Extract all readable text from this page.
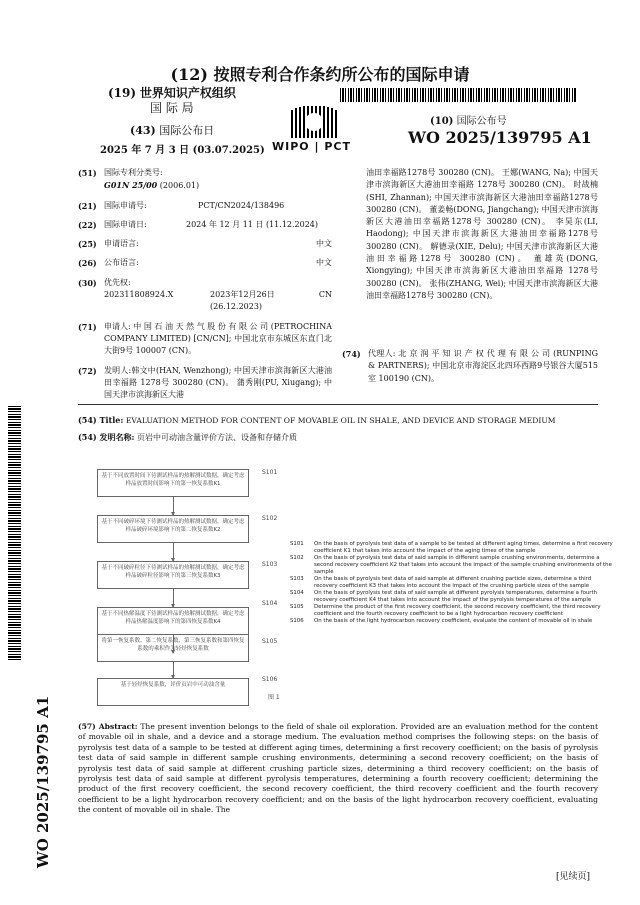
(12) 按照专利合作条约所公布的国际申请
(19) 世界知识产权组织
国 际 局
(43) 国际公布日
2025 年 7 月 3 日 (03.07.2025) WIPO | PCT
(10) 国际公布号
WO 2025/139795 A1
(51) 国际专利分类号:
G01N 25/00 (2006.01)
(21) 国际申请号:	PCT/CN2024/138496
(22) 国际申请日:	2024 年 12 月 11 日 (11.12.2024)
(25) 申请语言:	中文
(26) 公布语言:	中文
(30) 优先权:
202311808924.X	2023年12月26日 (26.12.2023)
CN
(71) 申请人: 中 国 石 油 天 然 气 股 份 有 限 公 司 (PETROCHINA COMPANY LIMITED) [CN/CN]; 中国北京市东城区东直门北大街9号 100007 (CN)。
(72) 发明人:韩文中(HAN, Wenzhong); 中国天津市滨海新区大港油田幸福路 1278号 300280 (CN)。 蒲秀刚(PU, Xiugang); 中国天津市滨海新区大港
油田幸福路1278号 300280 (CN)。 王娜(WANG, Na); 中国天津市滨海新区大港油田幸福路 1278号 300280 (CN)。 时战楠(SHI, Zhannan); 中国天津市滨海新区大港油田幸福路1278号 300280 (CN)。 董姜畅(DONG, Jiangchang); 中国天津市滨海新区大港油田幸福路1278号 300280 (CN)。 李昊东(LI, Haodong); 中国天津市滨海新区大港油田幸福路1278号 300280 (CN)。 解德录(XIE, Delu); 中国天津市滨海新区大港油田幸福路1278号 300280 (CN)。 董雄英(DONG, Xiongying); 中国天津市滨海新区大港油田幸福路 1278号 300280 (CN)。 张伟(ZHANG, Wei); 中国天津市滨海新区大港油田幸福路1278号 300280 (CN)。
(74) 代理人: 北 京 润 平 知 识 产 权 代 理 有 限 公 司 (RUNPING & PARTNERS); 中国北京市海淀区北四环西路9号银谷大厦515室 100190 (CN)。
(54) Title: EVALUATION METHOD FOR CONTENT OF MOVABLE OIL IN SHALE, AND DEVICE AND STORAGE MEDIUM
(54) 发明名称: 页岩中可动油含量评价方法、设备和存储介质
WO 2025/139795 A1
基于不同放置时间下待测试样品的热解测试数据，确定考虑样品放置时间影响下的第一恢复系数K1
基于不同破碎环境下待测试样品的热解测试数据，确定考虑样品破碎环境影响下的第二恢复系数K2
基于不同破碎粒径下待测试样品的热解测试数据，确定考虑样品破碎粒径影响下的第三恢复系数K3
基于不同热解温度下待测试样品的热解测试数据，确定考虑样品热解温度影响下的第四恢复系数K4
将第一恢复系数、第二恢复系数、第三恢复系数和第四恢复系数的乘积作为轻烃恢复系数
基于轻烃恢复系数，评价页岩中可动油含量
S101
S102
S103
S104
S105
S106
图 1
S101	On the basis of pyrolysis test data of a sample to be tested at different aging times, determine a first recovery coefficient K1 that takes into account the impact of the aging times of the sample
S102	On the basis of pyrolysis test data of said sample in different sample crushing environments, determine a second recovery coefficient K2 that takes into account the impact of the sample crushing environments of the sample
S103	On the basis of pyrolysis test data of said sample at different crushing particle sizes, determine a third recovery coefficient K3 that takes into account the impact of the crushing particle sizes of the sample
S104	On the basis of pyrolysis test data of said sample at different pyrolysis temperatures, determine a fourth recovery coefficient K4 that takes into account the impact of the pyrolysis temperatures of the sample
S105	Determine the product of the first recovery coefficient, the second recovery coefficient, the third recovery coefficient and the fourth recovery coefficient to be a light hydrocarbon recovery coefficient
S106	On the basis of the light hydrocarbon recovery coefficient, evaluate the content of movable oil in shale
(57) Abstract: The present invention belongs to the field of shale oil exploration. Provided are an evaluation method for the content of movable oil in shale, and a device and a storage medium. The evaluation method comprises the following steps: on the basis of pyrolysis test data of a sample to be tested at different aging times, determining a first recovery coefficient; on the basis of pyrolysis test data of said sample in different sample crushing environments, determining a second recovery coefficient; on the basis of pyrolysis test data of said sample at different crushing particle sizes, determining a third recovery coefficient; on the basis of pyrolysis test data of said sample at different pyrolysis temperatures, determining a fourth recovery coefficient; determining the product of the first recovery coefficient, the second recovery coefficient, the third recovery coefficient and the fourth recovery coefficient to be a light hydrocarbon recovery coefficient; and on the basis of the light hydrocarbon recovery coefficient, evaluating the content of movable oil in shale. The
[见续页]
